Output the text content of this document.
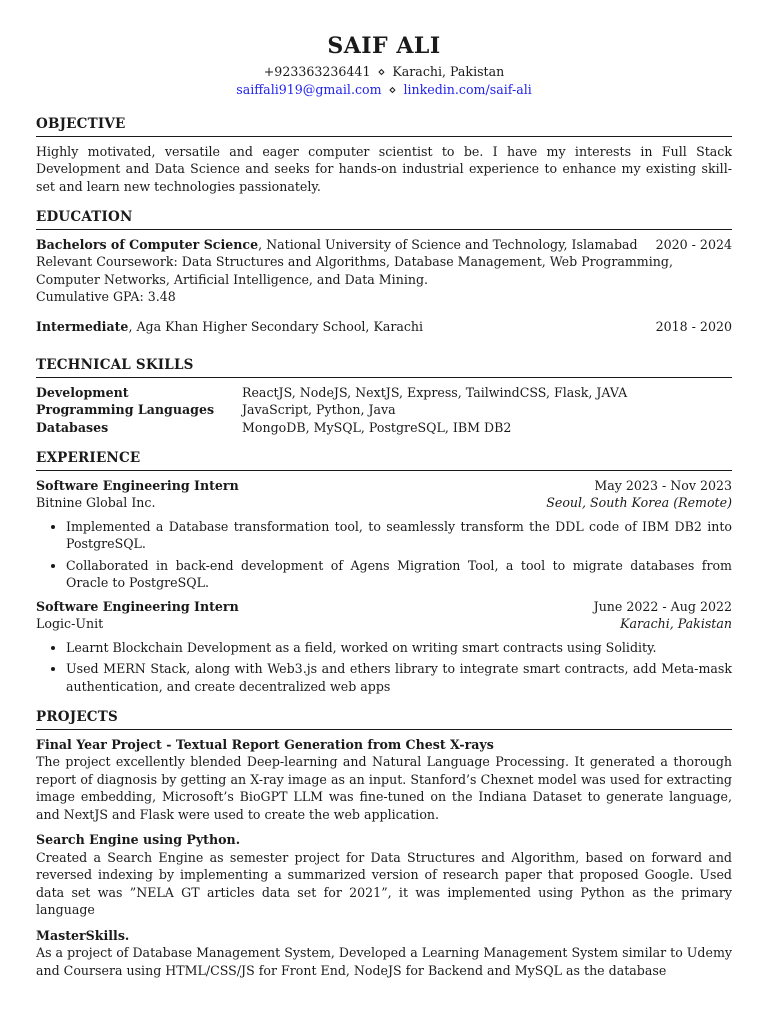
SAIF ALI
+923363236441 ⋄ Karachi, Pakistan
saiffali919@gmail.com ⋄ linkedin.com/saif-ali
OBJECTIVE
Highly motivated, versatile and eager computer scientist to be. I have my interests in Full Stack Development and Data Science and seeks for hands-on industrial experience to enhance my existing skill-set and learn new technologies passionately.
EDUCATION
Bachelors of Computer Science, National University of Science and Technology, Islamabad 2020 - 2024
Relevant Coursework: Data Structures and Algorithms, Database Management, Web Programming, Computer Networks, Artificial Intelligence, and Data Mining.
Cumulative GPA: 3.48
Intermediate, Aga Khan Higher Secondary School, Karachi	2018 - 2020
TECHNICAL SKILLS
Development	ReactJS, NodeJS, NextJS, Express, TailwindCSS, Flask, JAVA
Programming Languages	JavaScript, Python, Java
Databases	MongoDB, MySQL, PostgreSQL, IBM DB2
EXPERIENCE
Software Engineering Intern	May 2023 - Nov 2023
Bitnine Global Inc.	Seoul, South Korea (Remote)
• Implemented a Database transformation tool, to seamlessly transform the DDL code of IBM DB2 into PostgreSQL.
• Collaborated in back-end development of Agens Migration Tool, a tool to migrate databases from Oracle to PostgreSQL.
Software Engineering Intern	June 2022 - Aug 2022
Logic-Unit	Karachi, Pakistan
• Learnt Blockchain Development as a field, worked on writing smart contracts using Solidity.
• Used MERN Stack, along with Web3.js and ethers library to integrate smart contracts, add Meta-mask authentication, and create decentralized web apps
PROJECTS
Final Year Project - Textual Report Generation from Chest X-rays
The project excellently blended Deep-learning and Natural Language Processing. It generated a thorough report of diagnosis by getting an X-ray image as an input. Stanford’s Chexnet model was used for extracting image embedding, Microsoft’s BioGPT LLM was fine-tuned on the Indiana Dataset to generate language, and NextJS and Flask were used to create the web application.
Search Engine using Python.
Created a Search Engine as semester project for Data Structures and Algorithm, based on forward and reversed indexing by implementing a summarized version of research paper that proposed Google. Used data set was ”NELA GT articles data set for 2021”, it was implemented using Python as the primary language
MasterSkills.
As a project of Database Management System, Developed a Learning Management System similar to Udemy and Coursera using HTML/CSS/JS for Front End, NodeJS for Backend and MySQL as the database
